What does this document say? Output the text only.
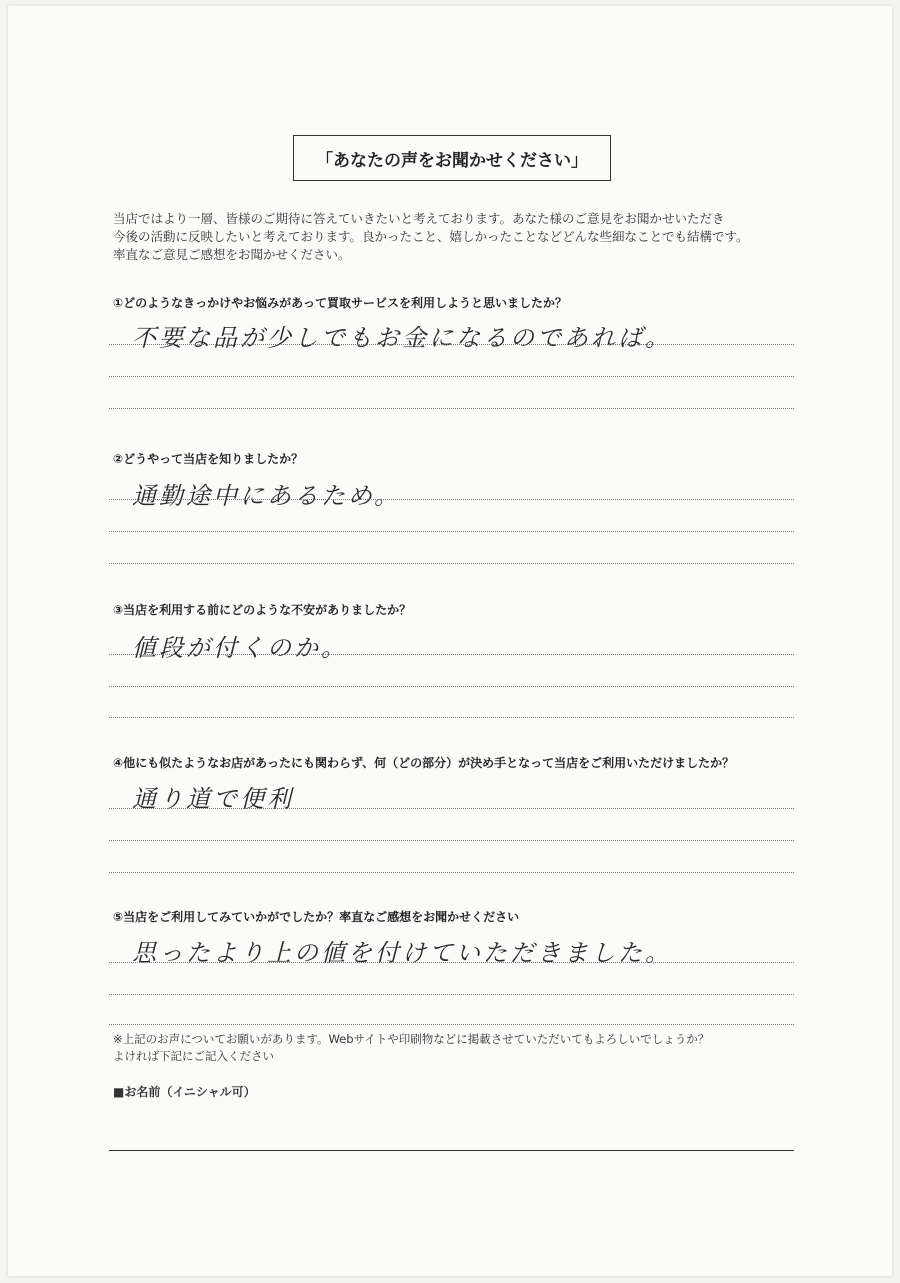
「あなたの声をお聞かせください」
当店ではより一層、皆様のご期待に答えていきたいと考えております。あなた様のご意見をお聞かせいただき
今後の活動に反映したいと考えております。良かったこと、嬉しかったことなどどんな些細なことでも結構です。
率直なご意見ご感想をお聞かせください。
①どのようなきっかけやお悩みがあって買取サービスを利用しようと思いましたか？
不要な品が少しでもお金になるのであれば。
②どうやって当店を知りましたか？
通勤途中にあるため。
③当店を利用する前にどのような不安がありましたか？
値段が付くのか。
④他にも似たようなお店があったにも関わらず、何（どの部分）が決め手となって当店をご利用いただけましたか？
通り道で便利
⑤当店をご利用してみていかがでしたか？率直なご感想をお聞かせください
思ったより上の値を付けていただきました。
※上記のお声についてお願いがあります。Webサイトや印刷物などに掲載させていただいてもよろしいでしょうか？
よければ下記にご記入ください
■お名前（イニシャル可）
